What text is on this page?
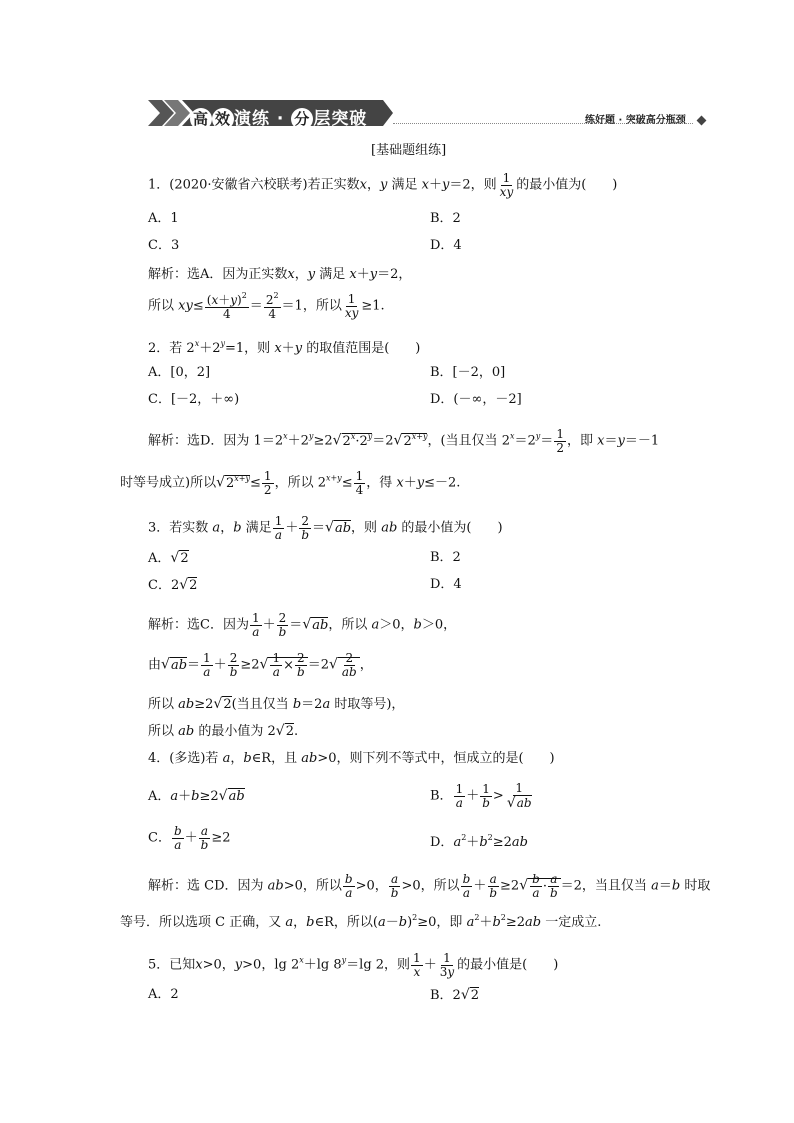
高 效 演练 · 分 层突破	练好题 · 突破高分瓶颈
[基础题组练]
1．(2020·安徽省六校联考)若正实数x，y 满足 x＋y＝2，则 $\frac{1}{xy}$ 的最小值为(　　)
A．1	B．2
C．3	D．4
解析：选A．因为正实数x，y 满足 x＋y＝2，
所以 $xy\le \frac{(x+y)^2}{4} = \frac{2^2}{4} =1$，所以 $\frac{1}{xy} \ge 1$.
2．若 $2^x+2^y=1$，则 x＋y 的取值范围是(　　)
A．[0，2]	B．[－2，0]
C．[－2，＋∞)	D．(－∞，－2]
解析：选D．因为 $1=2^x+2^y\ge 2√2^x\cdot 2^y=2√2^{x+y}$，(当且仅当 $2^x=2^y= \frac{1}{2}$ ，即 x＝y＝－1
时等号成立)所以$√2^{x+y}\le \frac{1}{2}$ ，所以 $2^{x+y}\le \frac{1}{4}$ ，得 x＋y≤－2.
3．若实数 a，b 满足 $\frac{1}{a} + \frac{2}{b} =√ab$，则 ab 的最小值为(　　)
A．√2	B．2
C．2√2	D．4
解析：选C．因为 $\frac{1}{a} + \frac{2}{b} =√ab$，所以 a＞0，b＞0，
由$√ab= \frac{1}{a} + \frac{2}{b} \ge 2√ \frac{1}{a} \times \frac{2}{b} =2√ \frac{2}{ab}$ ，
所以 ab≥2√2(当且仅当 b＝2a 时取等号)，
所以 ab 的最小值为 2√2.
4．(多选)若 a，b∈R，且 ab>0，则下列不等式中，恒成立的是(　　)
A．a＋b≥2√ab	B． $\frac{1}{a} + \frac{1}{b} > \frac{1}{√ab}$
C． $\frac{b}{a} + \frac{a}{b} \ge 2$	D．$a^2+b^2\ge 2ab$
解析：选 CD．因为 ab>0，所以 $\frac{b}{a} >0$， $\frac{a}{b} >0$，所以 $\frac{b}{a} + \frac{a}{b} \ge 2√ \frac{b}{a} \cdot \frac{a}{b} =2$，当且仅当 a＝b 时取
等号．所以选项 C 正确，又 a，b∈R，所以$(a-b)^2\ge 0$，即 $a^2+b^2\ge 2ab$ 一定成立.
5．已知x>0，y>0，$\lg 2^x+\lg$ $8^y=\lg$ 2，则 $\frac{1}{x} + \frac{1}{3y}$ 的最小值是(　　)
A．2	B．2√2
